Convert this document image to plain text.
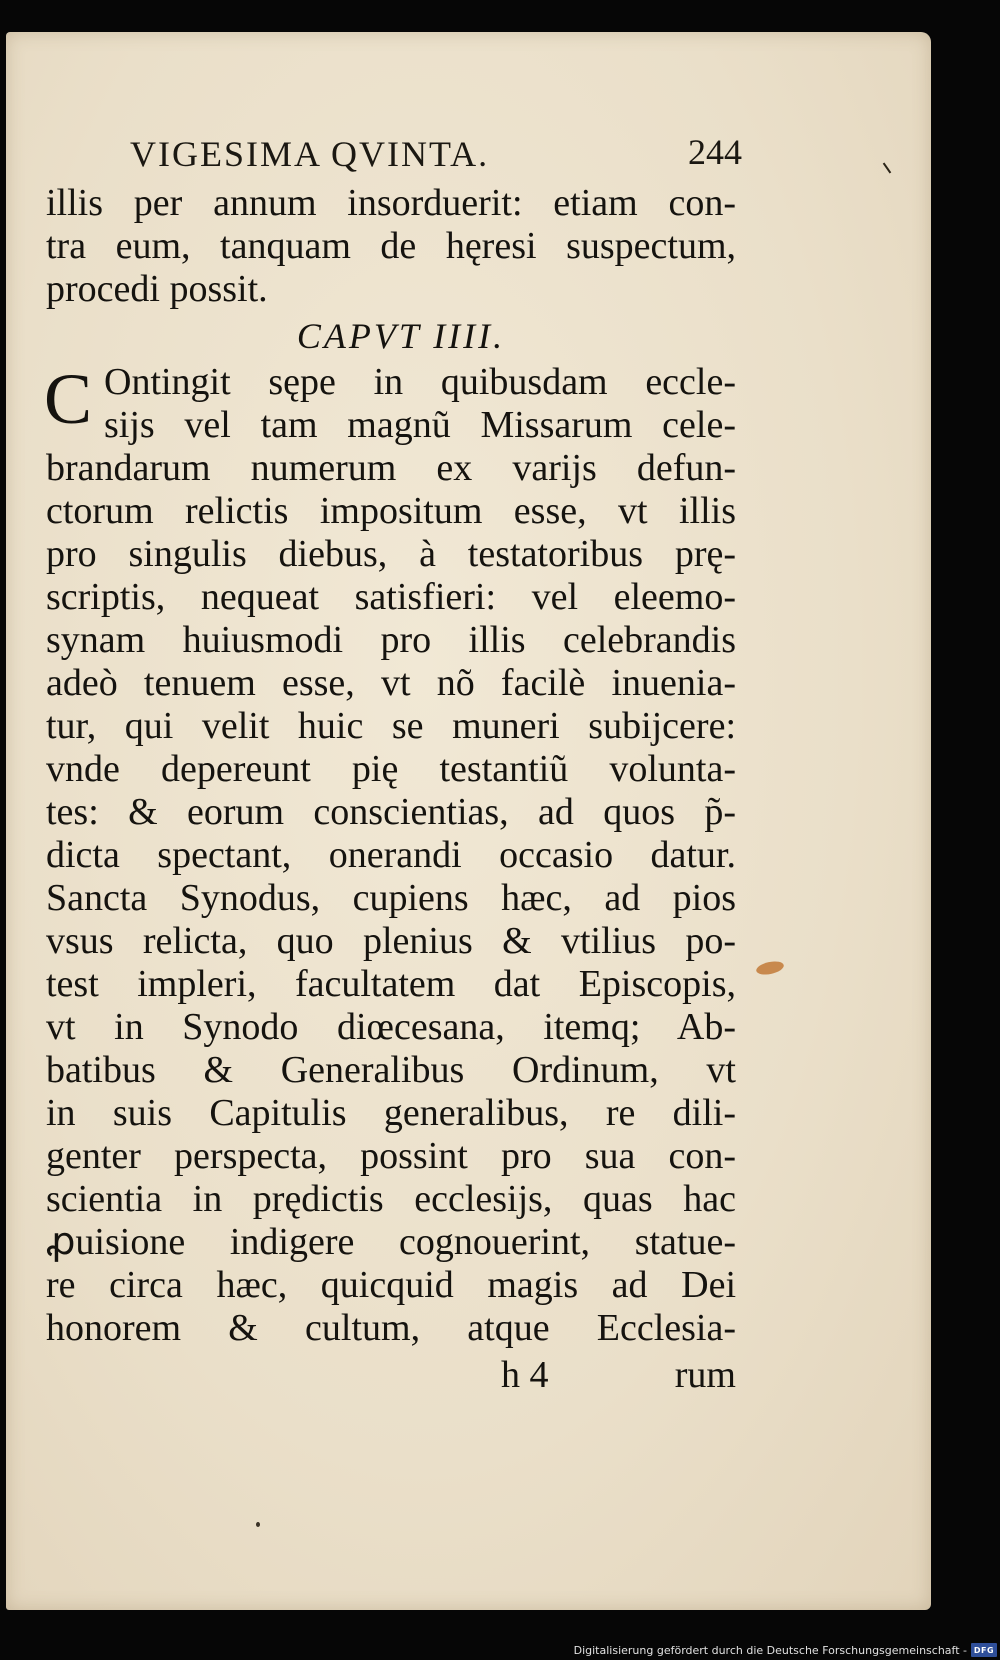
VIGESIMA QVINTA.	244
illis per annum insorduerit: etiam con-
tra eum, tanquam de hęresi suspectum,
procedi possit.
CAPVT IIII.
C Ontingit sępe in quibusdam eccle-
sijs vel tam magnũ Missarum cele-
brandarum numerum ex varijs defun-
ctorum relictis impositum esse, vt illis
pro singulis diebus, à testatoribus prę-
scriptis, nequeat satisfieri: vel eleemo-
synam huiusmodi pro illis celebrandis
adeò tenuem esse, vt nõ facilè inuenia-
tur, qui velit huic se muneri subijcere:
vnde depereunt pię testantiũ volunta-
tes: & eorum conscientias, ad quos p̃-
dicta spectant, onerandi occasio datur.
Sancta Synodus, cupiens hæc, ad pios
vsus relicta, quo plenius & vtilius po-
test impleri, facultatem dat Episcopis,
vt in Synodo diœcesana, itemq; Ab-
batibus & Generalibus Ordinum, vt
in suis Capitulis generalibus, re dili-
genter perspecta, possint pro sua con-
scientia in prędictis ecclesijs, quas hac
ꝓuisione indigere cognouerint, statue-
re circa hæc, quicquid magis ad Dei
honorem & cultum, atque Ecclesia-
h 4	rum
Digitalisierung gefördert durch die Deutsche Forschungsgemeinschaft - DFG
